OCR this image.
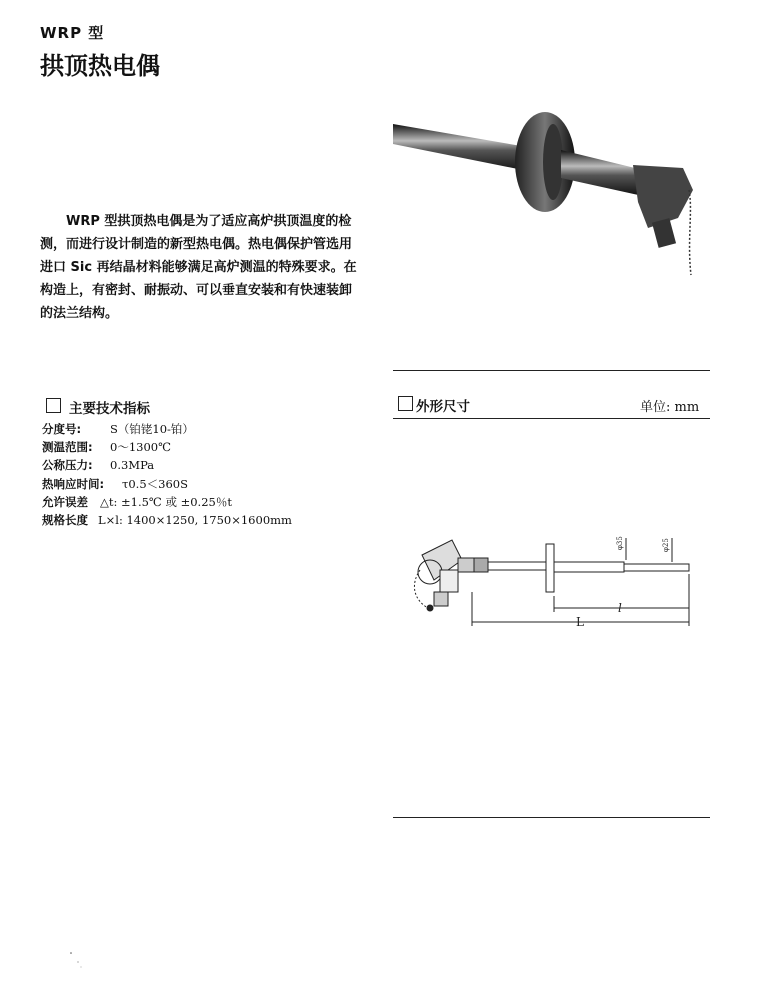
WRP 型
拱顶热电偶
WRP 型拱顶热电偶是为了适应高炉拱顶温度的检测，而进行设计制造的新型热电偶。热电偶保护管选用进口 Sic 再结晶材料能够满足高炉测温的特殊要求。在构造上，有密封、耐振动、可以垂直安装和有快速装卸的法兰结构。
主要技术指标
分度号:	S（铂铑10-铂）
测温范围: 0～1300℃
公称压力: 0.3MPa
热响应时间: τ0.5＜360S
允许误差 △t: ±1.5℃ 或 ±0.25％t
规格长度 L×l: 1400×1250, 1750×1600mm
外形尺寸	单位: mm
φ35	φ25
l
L
